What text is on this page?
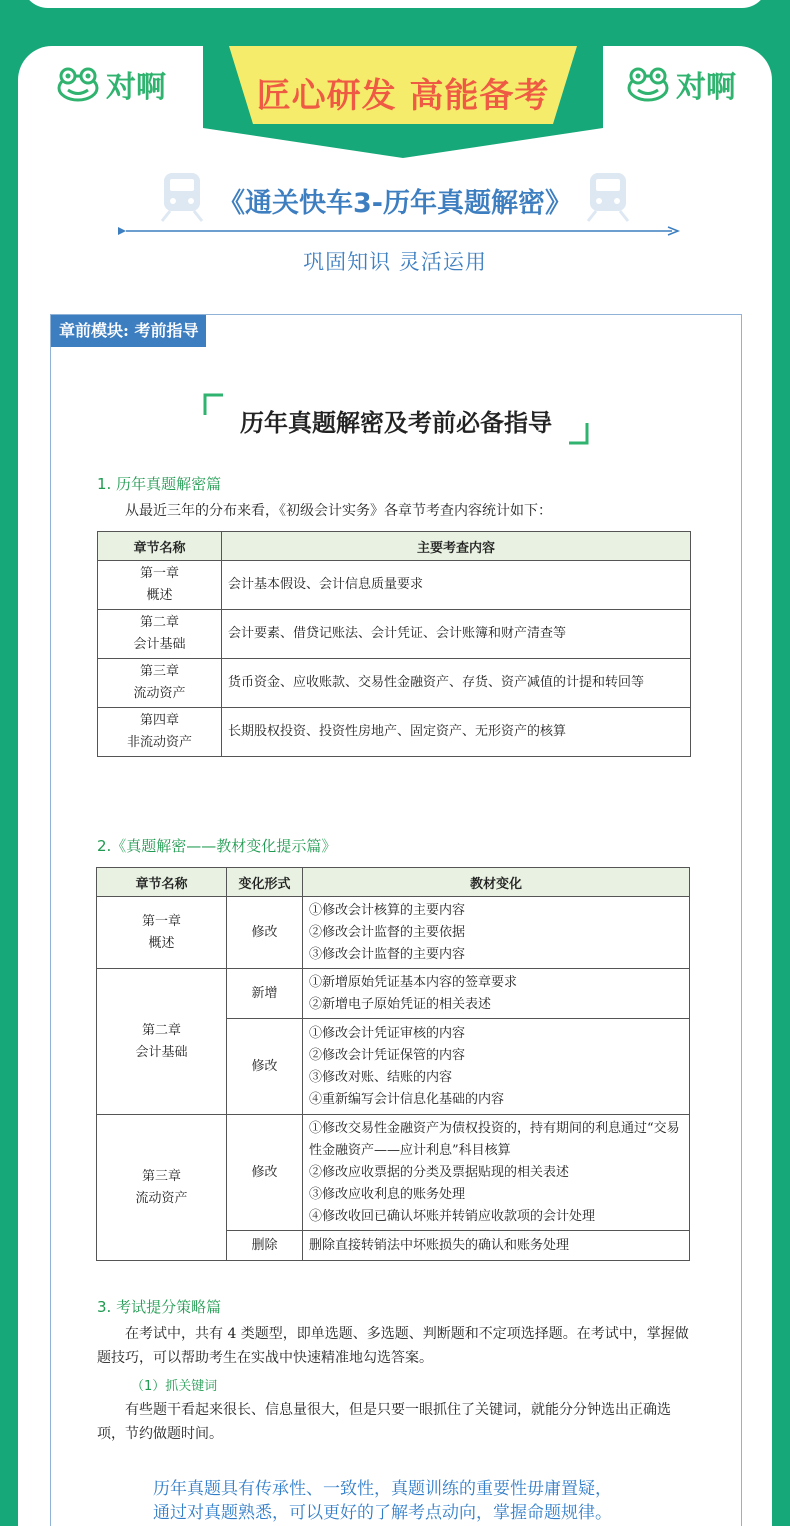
对啊	对啊
匠心研发 高能备考
《通关快车3-历年真题解密》
巩固知识 灵活运用
章前模块: 考前指导
历年真题解密及考前必备指导
1. 历年真题解密篇
从最近三年的分布来看，《初级会计实务》各章节考查内容统计如下：
章节名称	主要考查内容
第一章
概述	会计基本假设、会计信息质量要求
第二章
会计基础	会计要素、借贷记账法、会计凭证、会计账簿和财产清查等
第三章
流动资产	货币资金、应收账款、交易性金融资产、存货、资产减值的计提和转回等
第四章
非流动资产	长期股权投资、投资性房地产、固定资产、无形资产的核算
2.《真题解密——教材变化提示篇》
章节名称	变化形式	教材变化
第一章
概述	修改	①修改会计核算的主要内容
②修改会计监督的主要依据
③修改会计监督的主要内容
第二章
会计基础	新增	①新增原始凭证基本内容的签章要求
②新增电子原始凭证的相关表述
	修改	①修改会计凭证审核的内容
②修改会计凭证保管的内容
③修改对账、结账的内容
④重新编写会计信息化基础的内容
第三章
流动资产	修改	①修改交易性金融资产为债权投资的，持有期间的利息通过“交易性金融资产——应计利息”科目核算
②修改应收票据的分类及票据贴现的相关表述
③修改应收利息的账务处理
④修改收回已确认坏账并转销应收款项的会计处理
	删除	删除直接转销法中坏账损失的确认和账务处理
3. 考试提分策略篇
在考试中，共有 4 类题型，即单选题、多选题、判断题和不定项选择题。在考试中，掌握做题技巧，可以帮助考生在实战中快速精准地勾选答案。
（1）抓关键词
有些题干看起来很长、信息量很大，但是只要一眼抓住了关键词，就能分分钟选出正确选项，节约做题时间。
历年真题具有传承性、一致性，真题训练的重要性毋庸置疑，
通过对真题熟悉，可以更好的了解考点动向，掌握命题规律。
